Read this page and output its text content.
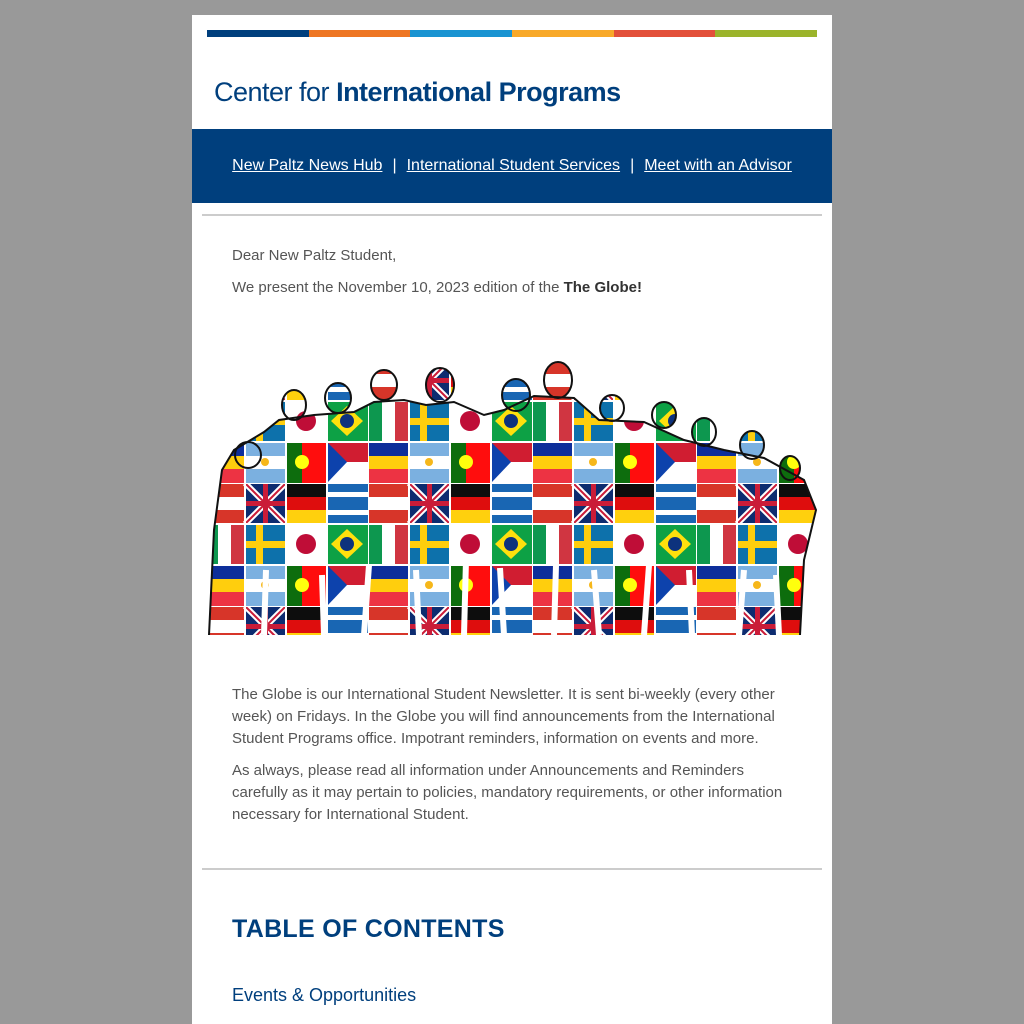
Center for International Programs
New Paltz News Hub | International Student Services | Meet with an Advisor
Dear New Paltz Student,
We present the November 10, 2023 edition of the The Globe!
The Globe is our International Student Newsletter. It is sent bi-weekly (every other week) on Fridays. In the Globe you will find announcements from the International Student Programs office. Impotrant reminders, information on events and more.
As always, please read all information under Announcements and Reminders carefully as it may pertain to policies, mandatory requirements, or other information necessary for International Student.
TABLE OF CONTENTS
Events & Opportunities
